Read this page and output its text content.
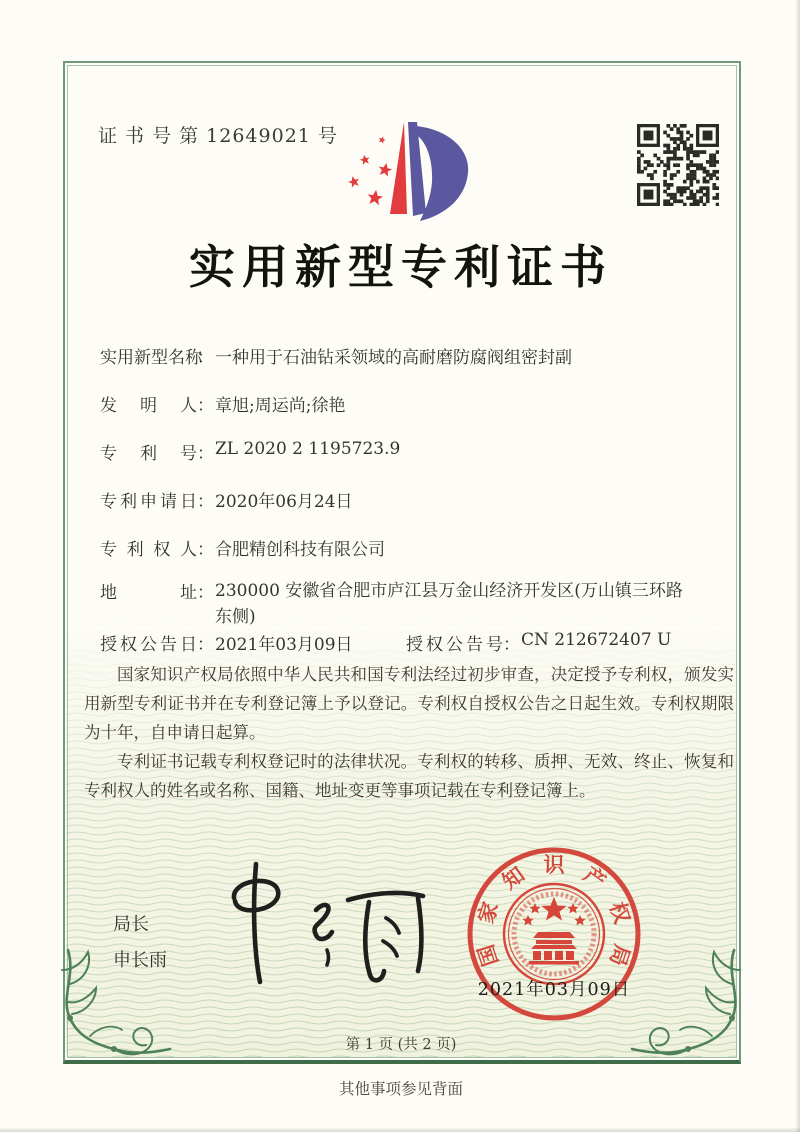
证 书 号 第 12649021 号
实用新型专利证书
实用新型名称：一种用于石油钻采领域的高耐磨防腐阀组密封副
发明人：章旭;周运尚;徐艳
专利号：ZL 2020 2 1195723.9
专利申请日：2020年06月24日
专利权人：合肥精创科技有限公司
地址：230000 安徽省合肥市庐江县万金山经济开发区(万山镇三环路东侧)
授权公告日：2021年03月09日	授权公告号：CN 212672407 U

国家知识产权局依照中华人民共和国专利法经过初步审查，决定授予专利权，颁发实用新型专利证书并在专利登记簿上予以登记。专利权自授权公告之日起生效。专利权期限为十年，自申请日起算。

专利证书记载专利权登记时的法律状况。专利权的转移、质押、无效、终止、恢复和专利权人的姓名或名称、国籍、地址变更等事项记载在专利登记簿上。

局长
申长雨	国
家
知 识 产
权
局
2021年03月09日
第 1 页 (共 2 页)
其他事项参见背面
